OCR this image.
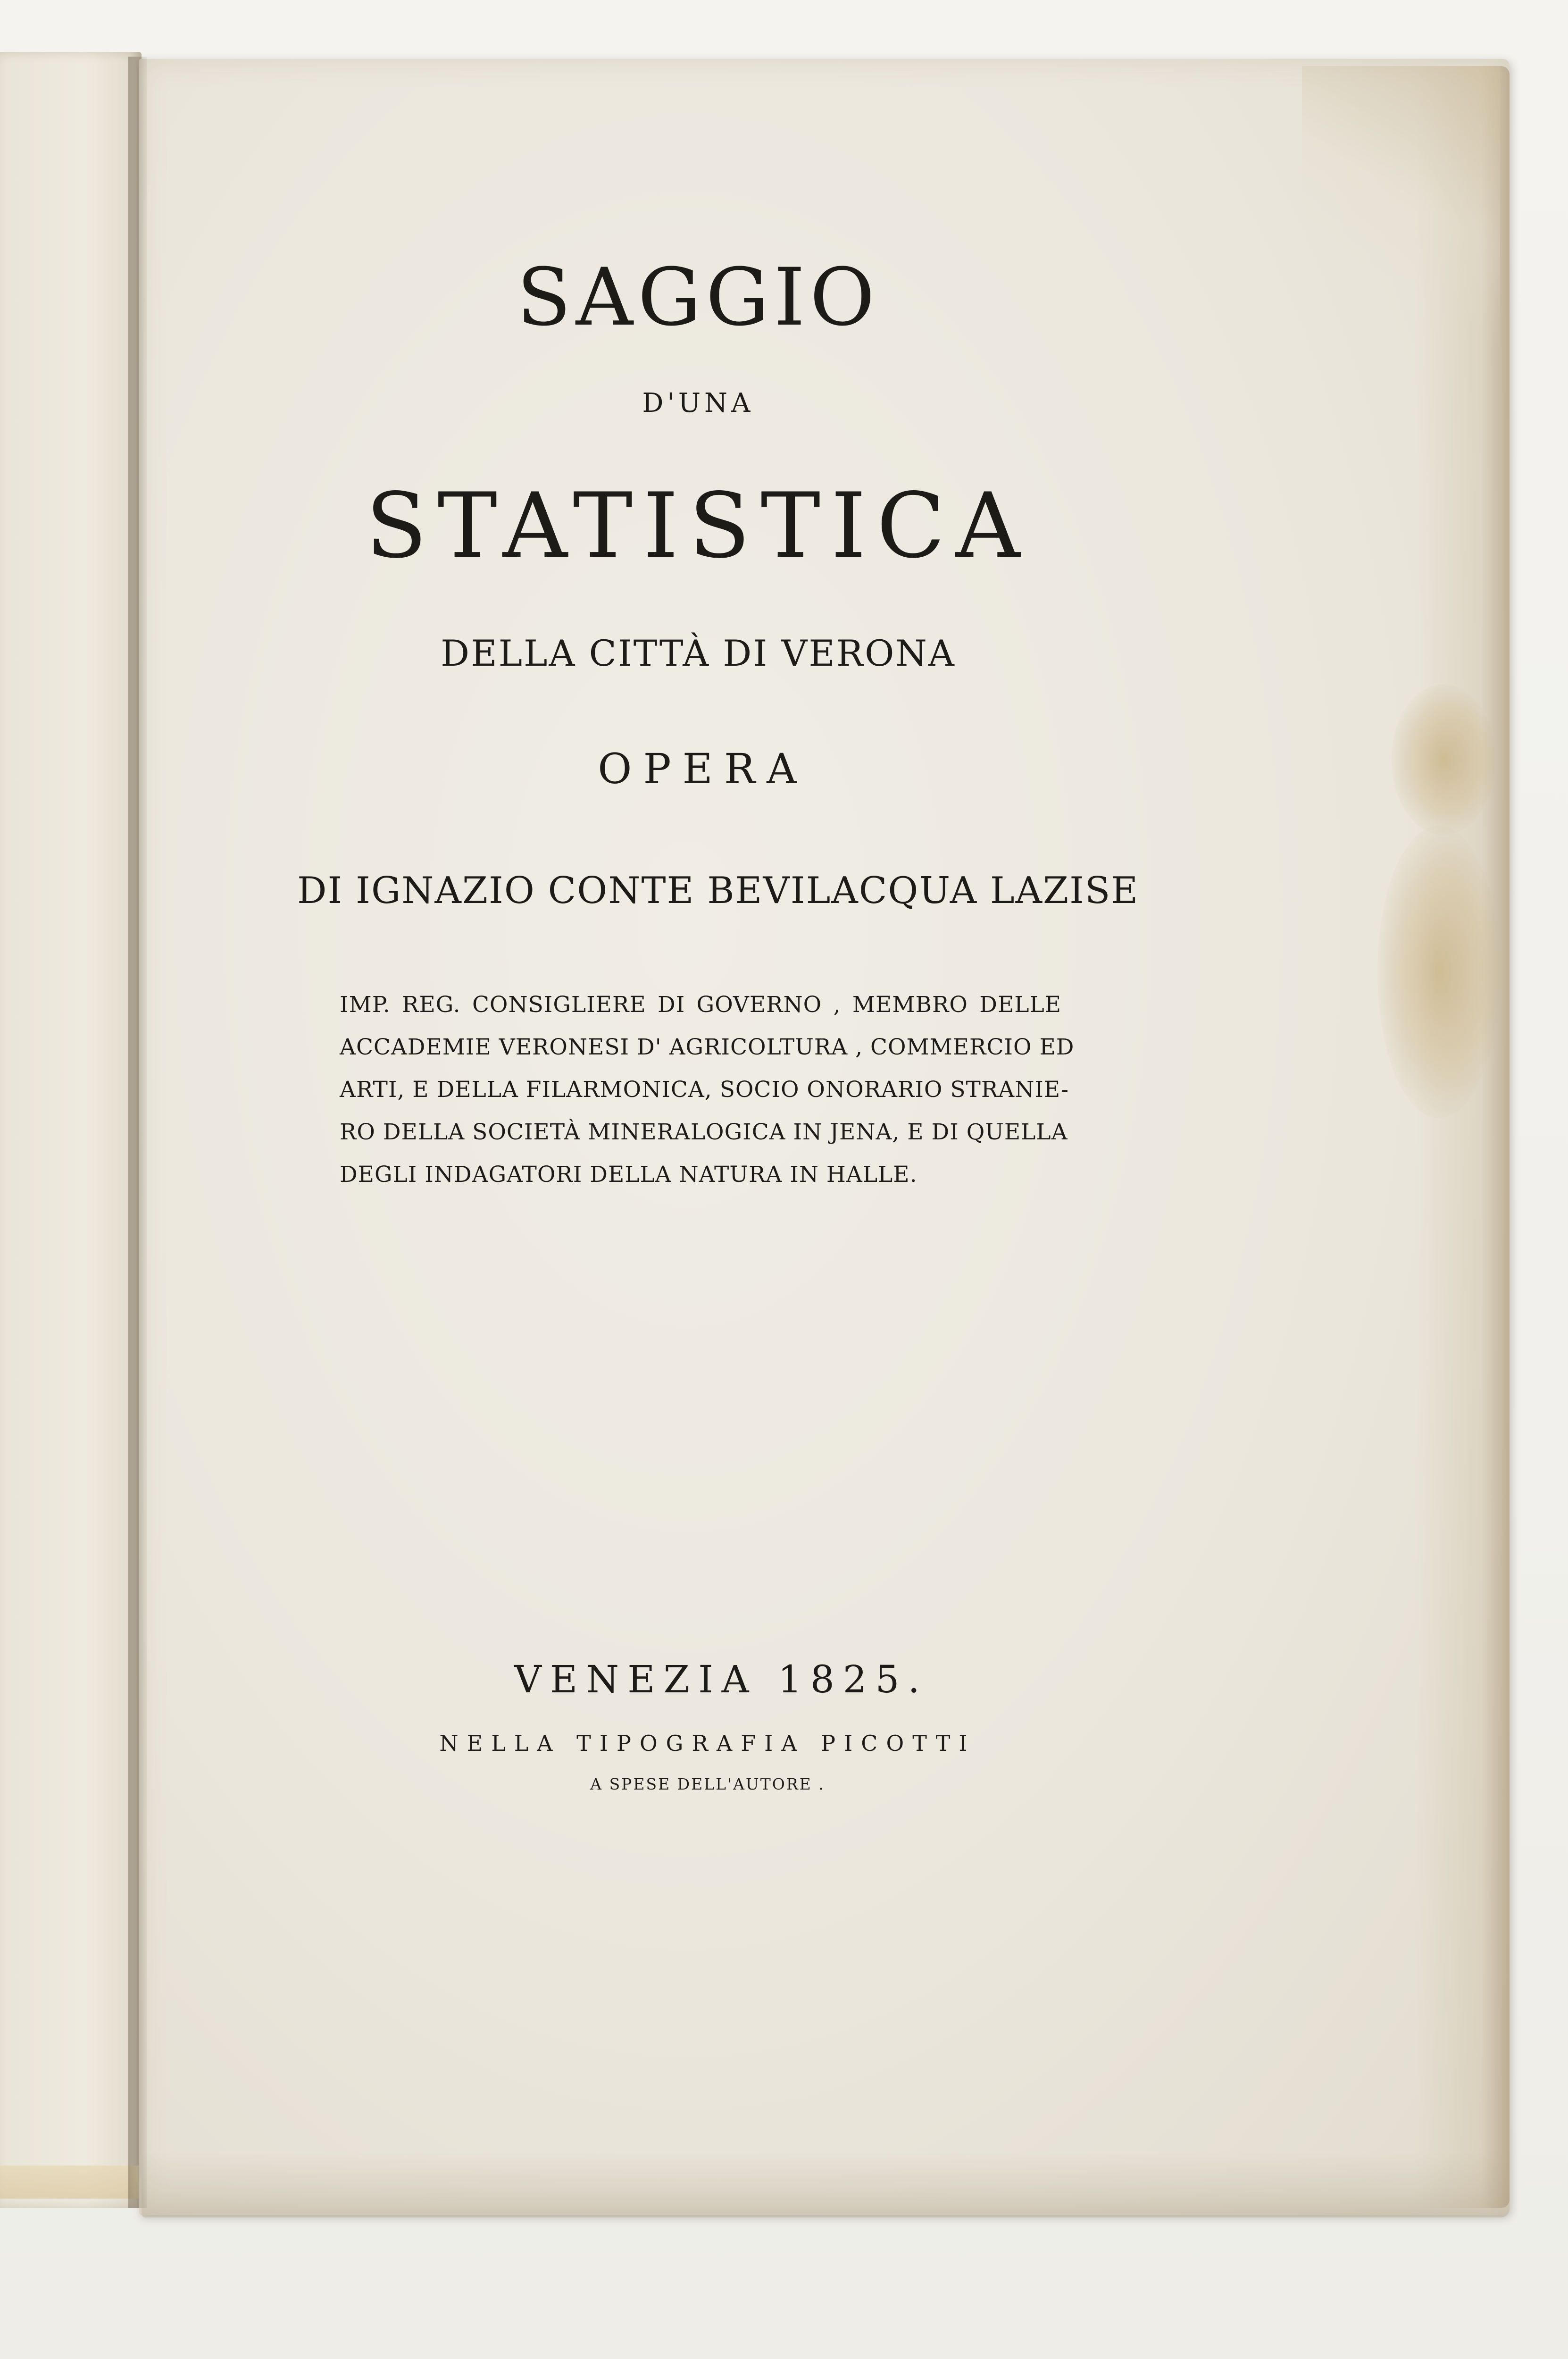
SAGGIO

D'UNA

STATISTICA

DELLA CITTÀ DI VERONA

OPERA

DI IGNAZIO CONTE BEVILACQUA LAZISE

IMP. REG. CONSIGLIERE DI GOVERNO , MEMBRO DELLE

ACCADEMIE VERONESI D' AGRICOLTURA , COMMERCIO ED

ARTI, E DELLA FILARMONICA, SOCIO ONORARIO STRANIE-

RO DELLA SOCIETÀ MINERALOGICA IN JENA, E DI QUELLA

DEGLI INDAGATORI DELLA NATURA IN HALLE.

VENEZIA 1825.

NELLA TIPOGRAFIA PICOTTI

A SPESE DELL'AUTORE .
